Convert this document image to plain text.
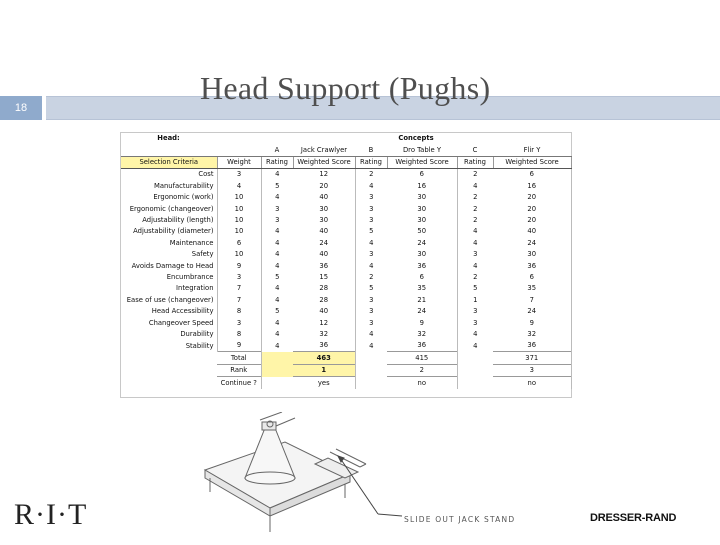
18
Head Support (Pughs)
Head:		Concepts					
		A	Jack Crawlyer	B	Dro Table Y	C	Flir Y
Selection Criteria	Weight	Rating	Weighted Score	Rating	Weighted Score	Rating	Weighted Score
Cost	3	4	12	2	6	2	6
Manufacturability	4	5	20	4	16	4	16
Ergonomic (work)	10	4	40	3	30	2	20
Ergonomic (changeover)	10	3	30	3	30	2	20
Adjustability (length)	10	3	30	3	30	2	20
Adjustability (diameter)	10	4	40	5	50	4	40
Maintenance	6	4	24	4	24	4	24
Safety	10	4	40	3	30	3	30
Avoids Damage to Head	9	4	36	4	36	4	36
Encumbrance	3	5	15	2	6	2	6
Integration	7	4	28	5	35	5	35
Ease of use (changeover)	7	4	28	3	21	1	7
Head Accessibility	8	5	40	3	24	3	24
Changeover Speed	3	4	12	3	9	3	9
Durability	8	4	32	4	32	4	32
Stability	9	4	36	4	36	4	36
	Total		463		415		371
	Rank		1		2		3
	Continue ?		yes		no		no
SLIDE OUT JACK STAND
R·I·T	DRESSER-RAND
